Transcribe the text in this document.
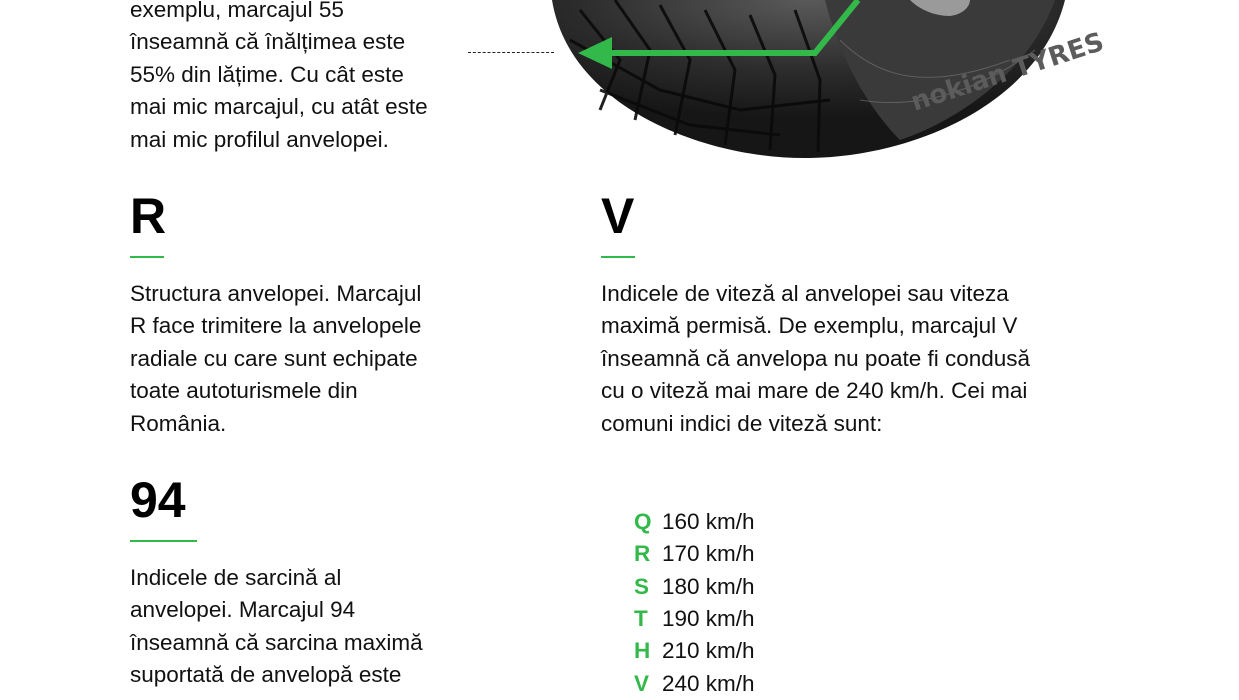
exemplu, marcajul 55

înseamnă că înălțimea este

55% din lățime. Cu cât este

mai mic marcajul, cu atât este

mai mic profilul anvelopei.

nokian TYRES
R

Structura anvelopei. Marcajul

R face trimitere la anvelopele

radiale cu care sunt echipate

toate autoturismele din

România.

V

Indicele de viteză al anvelopei sau viteza

maximă permisă. De exemplu, marcajul V

înseamnă că anvelopa nu poate fi condusă

cu o viteză mai mare de 240 km/h. Cei mai

comuni indici de viteză sunt:

Q 160 km/h
R 170 km/h
S 180 km/h
T 190 km/h
H 210 km/h
V 240 km/h
94

Indicele de sarcină al

anvelopei. Marcajul 94

înseamnă că sarcina maximă

suportată de anvelopă este
